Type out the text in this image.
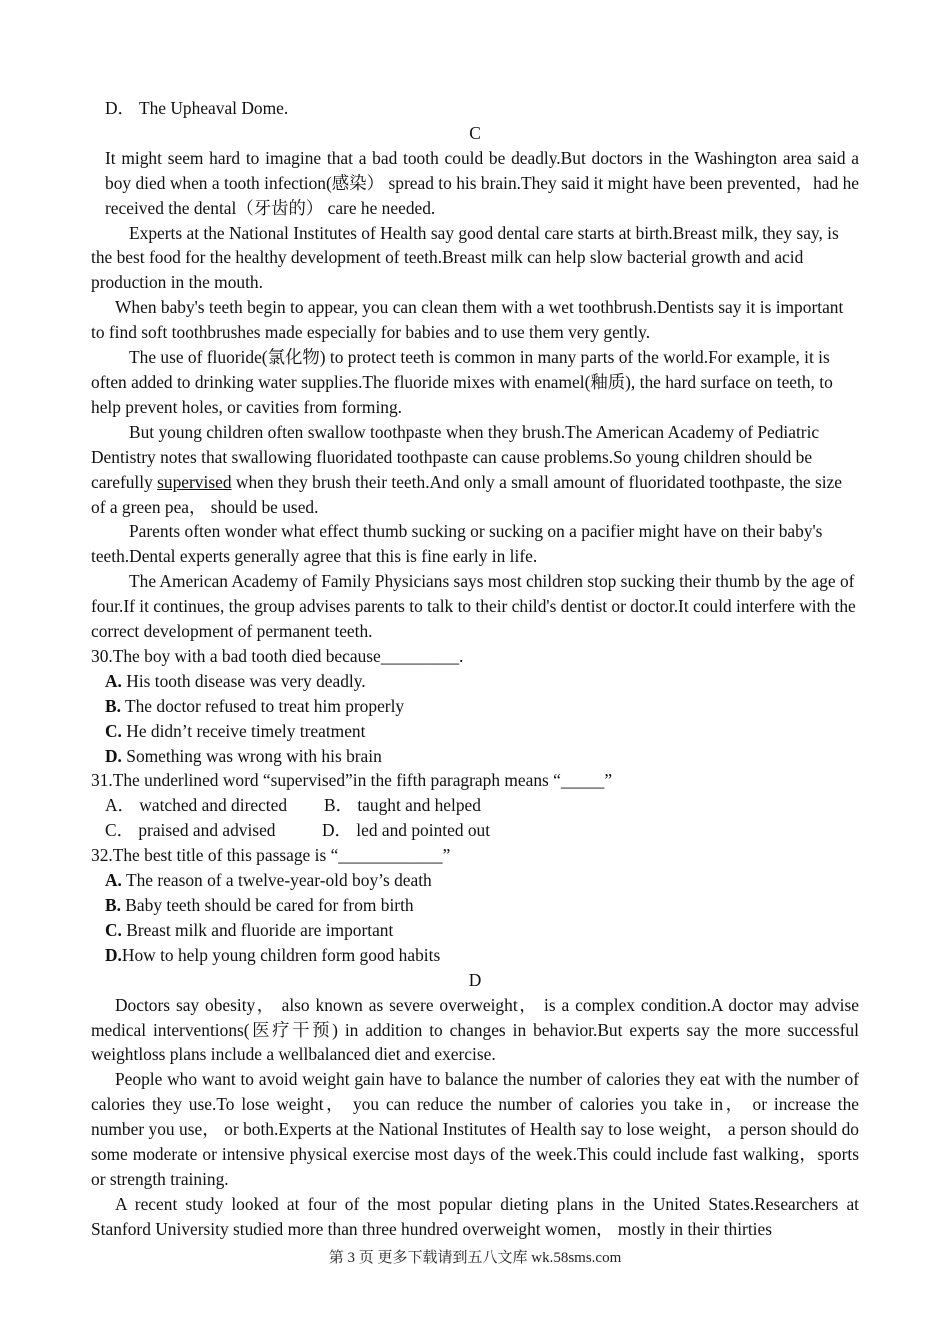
D． The Upheaval Dome.

C

It might seem hard to imagine that a bad tooth could be deadly.But doctors in the Washington area said a boy died when a tooth infection(感染） spread to his brain.They said it might have been prevented，had he received the dental（牙齿的） care he needed.

Experts at the National Institutes of Health say good dental care starts at birth.Breast milk, they say, is the best food for the healthy development of teeth.Breast milk can help slow bacterial growth and acid production in the mouth.

When baby's teeth begin to appear, you can clean them with a wet toothbrush.Dentists say it is important to find soft toothbrushes made especially for babies and to use them very gently.

The use of fluoride(氯化物) to protect teeth is common in many parts of the world.For example, it is often added to drinking water supplies.The fluoride mixes with enamel(釉质), the hard surface on teeth, to help prevent holes, or cavities from forming.

But young children often swallow toothpaste when they brush.The American Academy of Pediatric Dentistry notes that swallowing fluoridated toothpaste can cause problems.So young children should be carefully supervised when they brush their teeth.And only a small amount of fluoridated toothpaste, the size of a green pea， should be used.

Parents often wonder what effect thumb sucking or sucking on a pacifier might have on their baby's teeth.Dental experts generally agree that this is fine early in life.

The American Academy of Family Physicians says most children stop sucking their thumb by the age of four.If it continues, the group advises parents to talk to their child's dentist or doctor.It could interfere with the correct development of permanent teeth.

30.The boy with a bad tooth died because_________.

A. His tooth disease was very deadly.

B. The doctor refused to treat him properly

C. He didn’t receive timely treatment

D. Something was wrong with his brain

31.The underlined word “supervised”in the fifth paragraph means “_____”

A． watched and directed B． taught and helped

C． praised and advised	D． led and pointed out

32.The best title of this passage is “____________”

A. The reason of a twelve-year-old boy’s death

B. Baby teeth should be cared for from birth

C. Breast milk and fluoride are important

D.How to help young children form good habits

D

Doctors say obesity， also known as severe overweight， is a complex condition.A doctor may advise medical interventions(医疗干预) in addition to changes in behavior.But experts say the more successful weightloss plans include a wellbalanced diet and exercise.

People who want to avoid weight gain have to balance the number of calories they eat with the number of calories they use.To lose weight， you can reduce the number of calories you take in， or increase the number you use， or both.Experts at the National Institutes of Health say to lose weight， a person should do some moderate or intensive physical exercise most days of the week.This could include fast walking，sports or strength training.

A recent study looked at four of the most popular dieting plans in the United States.Researchers at Stanford University studied more than three hundred overweight women， mostly in their thirties

第 3 页 更多下载请到五八文库 wk.58sms.com
